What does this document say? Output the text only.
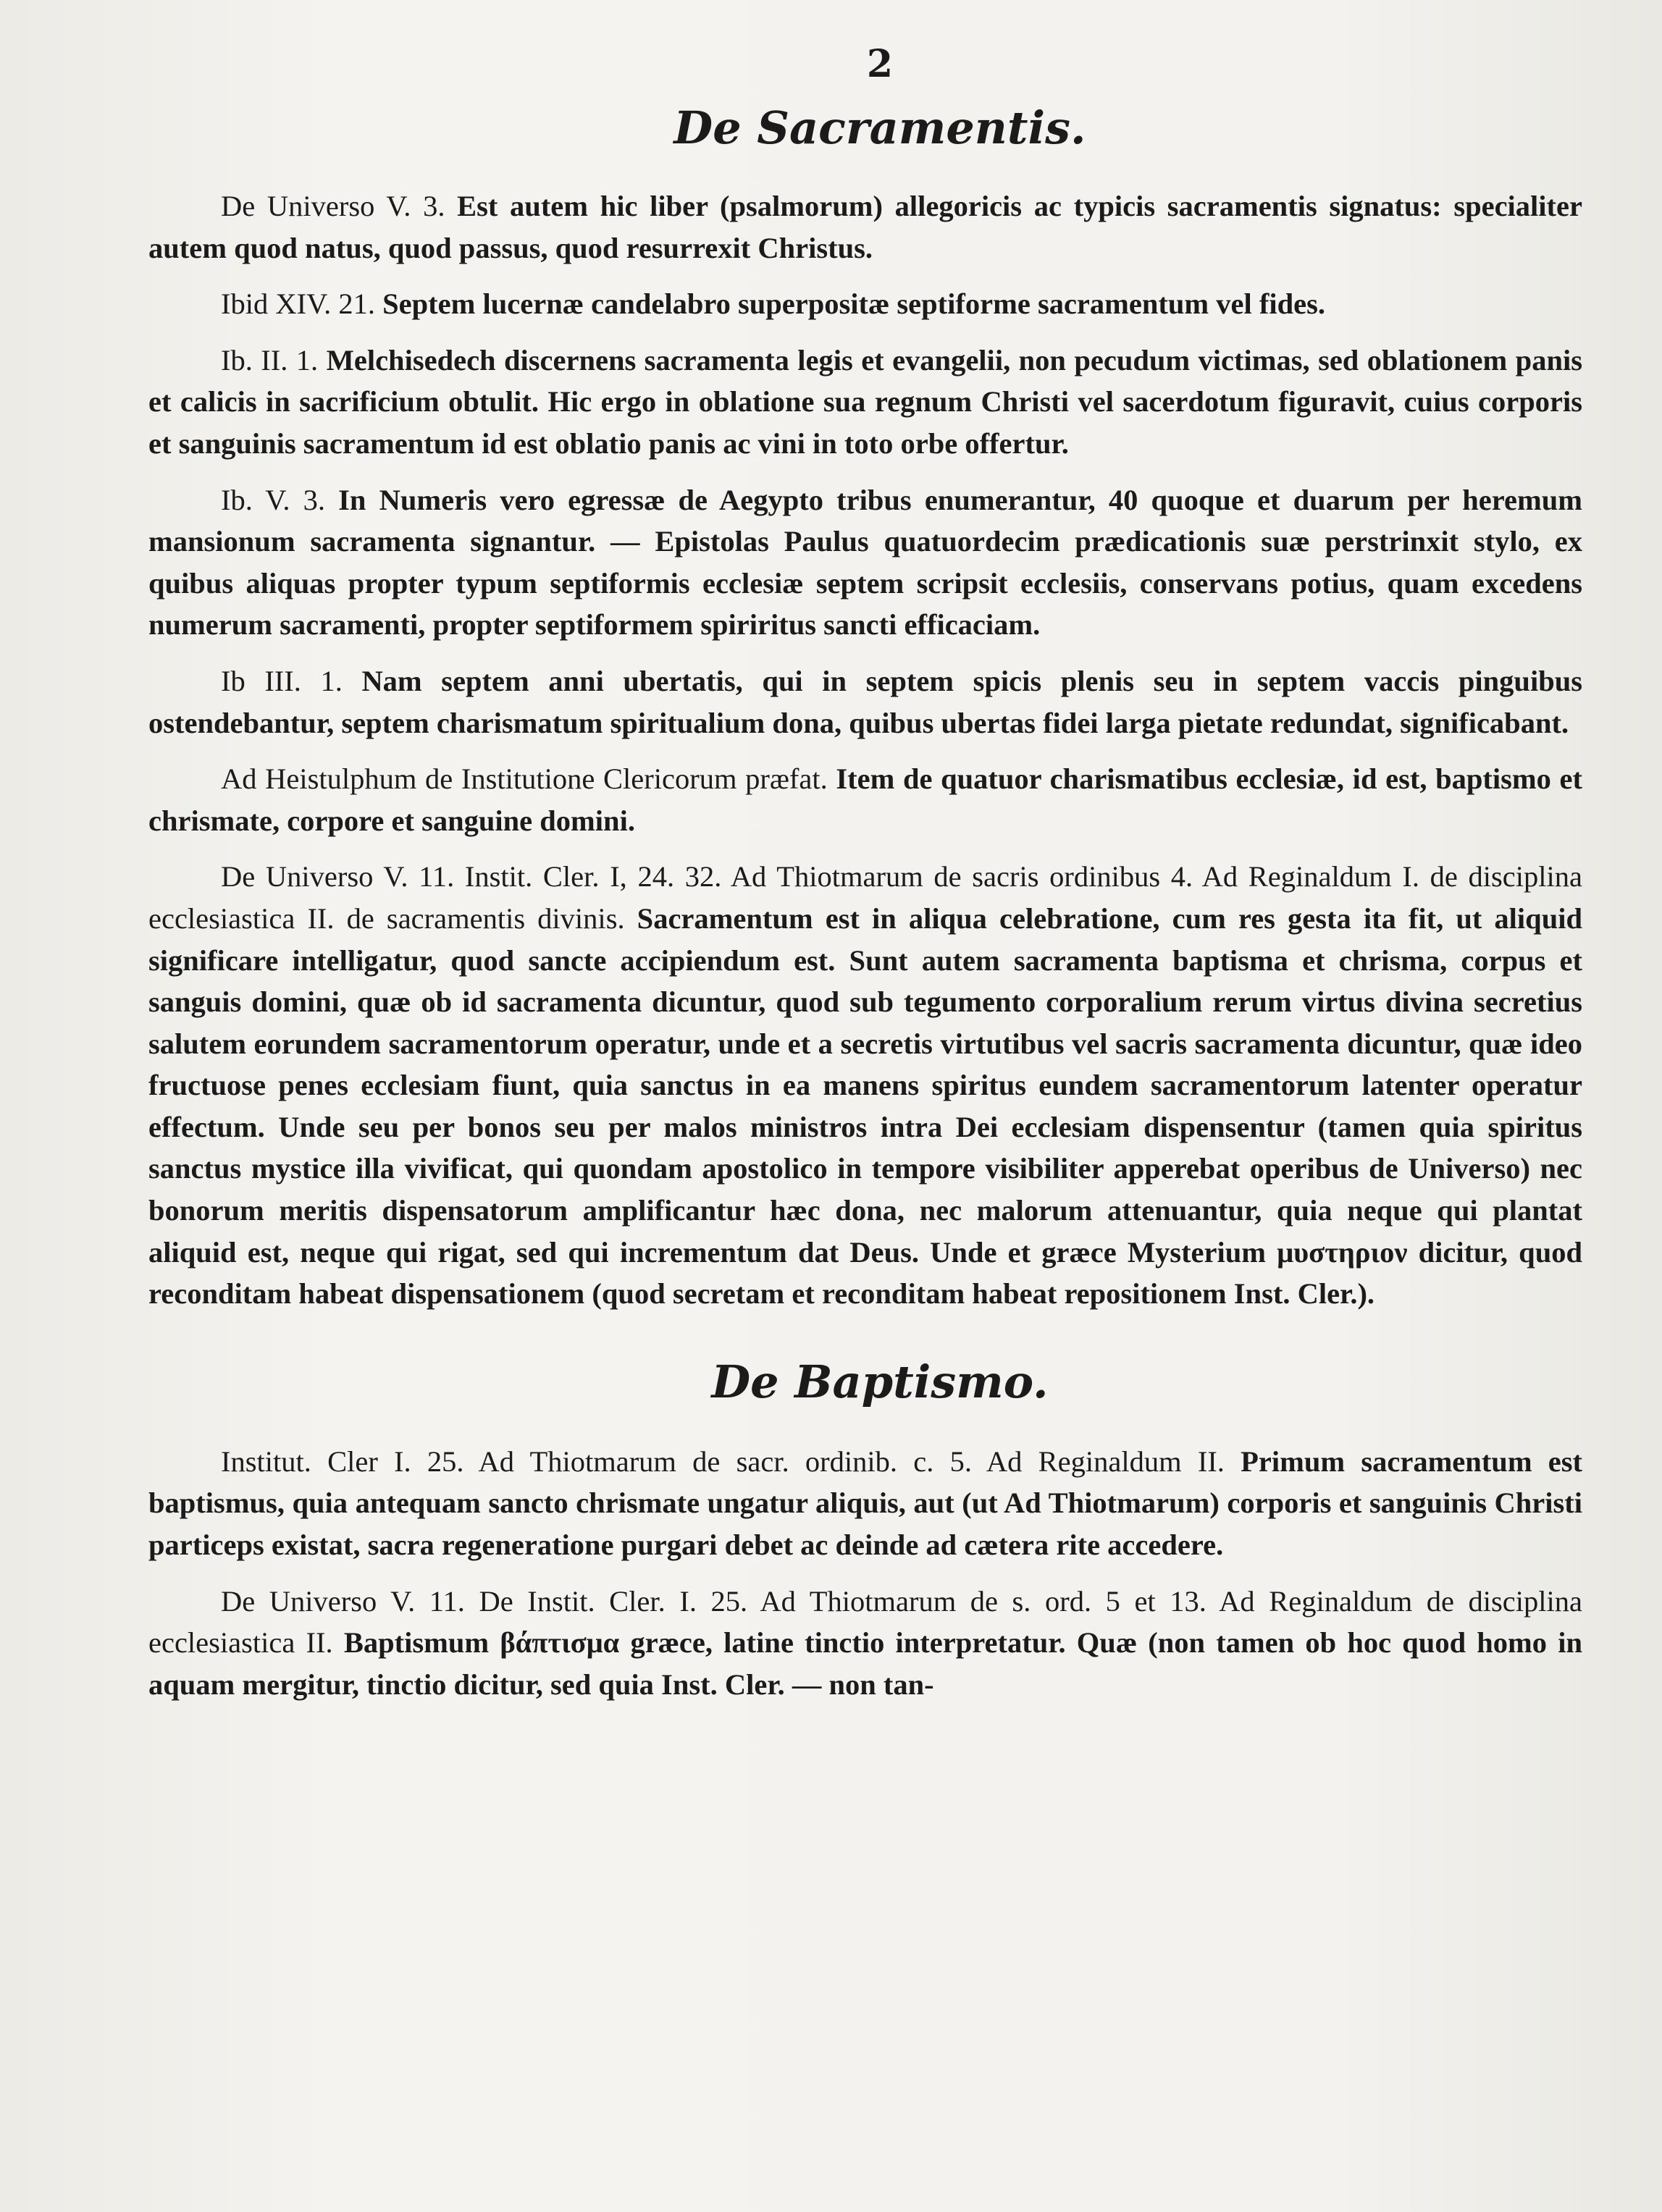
2
De Sacramentis.

De Universo V. 3. Est autem hic liber (psalmorum) allegoricis ac typicis sacramentis signatus: specialiter autem quod natus, quod passus, quod resurrexit Christus.

Ibid XIV. 21. Septem lucernæ candelabro superpositæ septiforme sacramentum vel fides.

Ib. II. 1. Melchisedech discernens sacramenta legis et evangelii, non pecudum victimas, sed oblationem panis et calicis in sacrificium obtulit. Hic ergo in oblatione sua regnum Christi vel sacerdotum figuravit, cuius corporis et sanguinis sacramentum id est oblatio panis ac vini in toto orbe offertur.

Ib. V. 3. In Numeris vero egressæ de Aegypto tribus enumerantur, 40 quoque et duarum per heremum mansionum sacramenta signantur. — Epistolas Paulus quatuordecim prædicationis suæ perstrinxit stylo, ex quibus aliquas propter typum septiformis ecclesiæ septem scripsit ecclesiis, conservans potius, quam excedens numerum sacramenti, propter septiformem spiriritus sancti efficaciam.

Ib III. 1. Nam septem anni ubertatis, qui in septem spicis plenis seu in septem vaccis pinguibus ostendebantur, septem charismatum spiritualium dona, quibus ubertas fidei larga pietate redundat, significabant.

Ad Heistulphum de Institutione Clericorum præfat. Item de quatuor charismatibus ecclesiæ, id est, baptismo et chrismate, corpore et sanguine domini.

De Universo V. 11. Instit. Cler. I, 24. 32. Ad Thiotmarum de sacris ordinibus 4. Ad Reginaldum I. de disciplina ecclesiastica II. de sacramentis divinis. Sacramentum est in aliqua celebratione, cum res gesta ita fit, ut aliquid significare intelligatur, quod sancte accipiendum est. Sunt autem sacramenta baptisma et chrisma, corpus et sanguis domini, quæ ob id sacramenta dicuntur, quod sub tegumento corporalium rerum virtus divina secretius salutem eorundem sacramentorum operatur, unde et a secretis virtutibus vel sacris sacramenta dicuntur, quæ ideo fructuose penes ecclesiam fiunt, quia sanctus in ea manens spiritus eundem sacramentorum latenter operatur effectum. Unde seu per bonos seu per malos ministros intra Dei ecclesiam dispensentur (tamen quia spiritus sanctus mystice illa vivificat, qui quondam apostolico in tempore visibiliter apperebat operibus de Universo) nec bonorum meritis dispensatorum amplificantur hæc dona, nec malorum attenuantur, quia neque qui plantat aliquid est, neque qui rigat, sed qui incrementum dat Deus. Unde et græce Mysterium μυστηριον dicitur, quod reconditam habeat dispensationem (quod secretam et reconditam habeat repositionem Inst. Cler.).

De Baptismo.

Institut. Cler I. 25. Ad Thiotmarum de sacr. ordinib. c. 5. Ad Reginaldum II. Primum sacramentum est baptismus, quia antequam sancto chrismate ungatur aliquis, aut (ut Ad Thiotmarum) corporis et sanguinis Christi particeps existat, sacra regeneratione purgari debet ac deinde ad cætera rite accedere.

De Universo V. 11. De Instit. Cler. I. 25. Ad Thiotmarum de s. ord. 5 et 13. Ad Reginaldum de disciplina ecclesiastica II. Baptismum βάπτισμα græce, latine tinctio interpretatur. Quæ (non tamen ob hoc quod homo in aquam mergitur, tinctio dicitur, sed quia Inst. Cler. — non tan-
